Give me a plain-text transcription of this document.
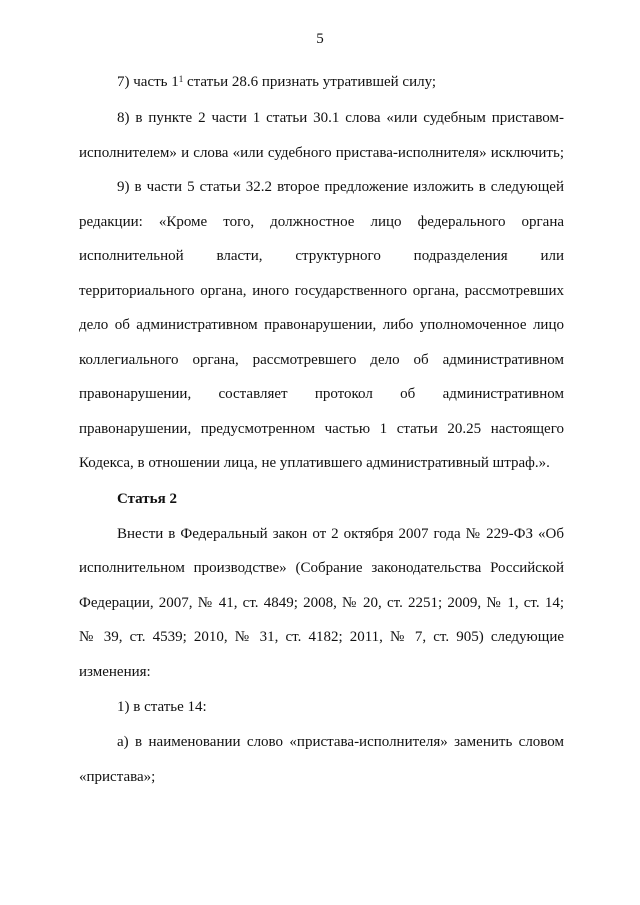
5
7) часть $1^1$ статьи 28.6 признать утратившей силу;
8) в пункте 2 части 1 статьи 30.1 слова «или судебным приставом-
исполнителем» и слова «или судебного пристава-исполнителя» исключить;
9) в части 5 статьи 32.2 второе предложение изложить в следующей
редакции: «Кроме того, должностное лицо федерального органа
исполнительной власти, структурного подразделения или
территориального органа, иного государственного органа, рассмотревших
дело об административном правонарушении, либо уполномоченное лицо
коллегиального органа, рассмотревшего дело об административном
правонарушении, составляет протокол об административном
правонарушении, предусмотренном частью 1 статьи 20.25 настоящего
Кодекса, в отношении лица, не уплатившего административный штраф.».
Статья 2
Внести в Федеральный закон от 2 октября 2007 года № 229-ФЗ «Об
исполнительном производстве» (Собрание законодательства Российской
Федерации, 2007, № 41, ст. 4849; 2008, № 20, ст. 2251; 2009, № 1, ст. 14;
№ 39, ст. 4539; 2010, № 31, ст. 4182; 2011, № 7, ст. 905) следующие
изменения:
1) в статье 14:
а) в наименовании слово «пристава-исполнителя» заменить словом
«пристава»;
